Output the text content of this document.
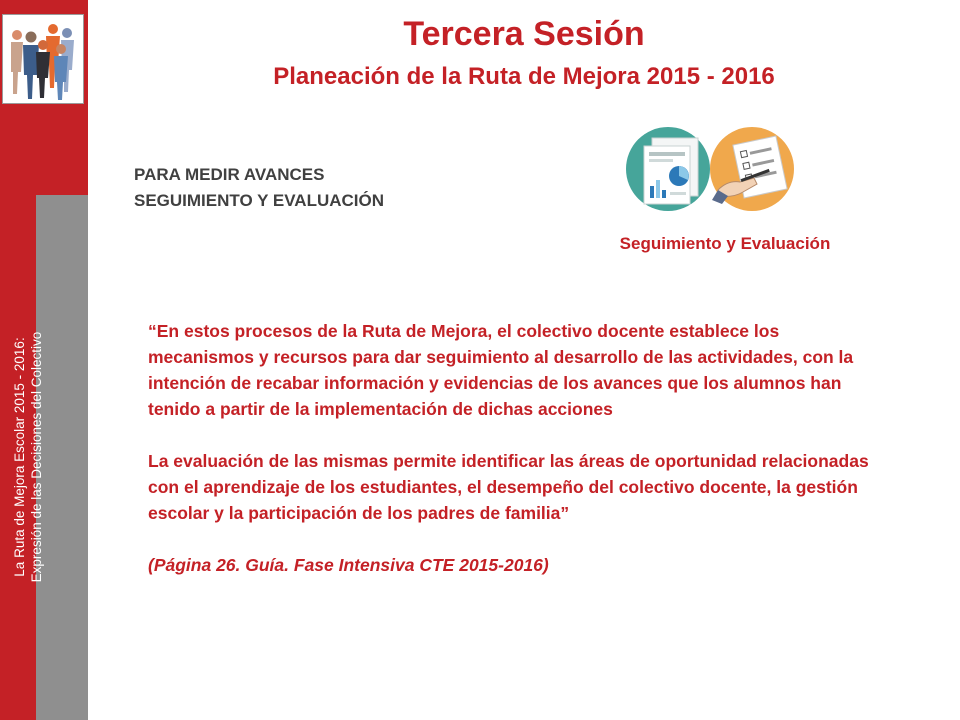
La Ruta de Mejora Escolar 2015 - 2016: Expresión de las Decisiones del Colectivo
Tercera Sesión
Planeación de la Ruta de Mejora 2015 - 2016
PARA MEDIR AVANCES
SEGUIMIENTO Y EVALUACIÓN
Seguimiento y Evaluación

“En estos procesos de la Ruta de Mejora, el colectivo docente establece los mecanismos y recursos para dar seguimiento al desarrollo de las actividades, con la intención de recabar información y evidencias de los avances que los alumnos han tenido a partir de la implementación de dichas acciones

La evaluación de las mismas permite identificar las áreas de oportunidad relacionadas con el aprendizaje de los estudiantes, el desempeño del colectivo docente, la gestión escolar y la participación de los padres de familia”

(Página 26. Guía. Fase Intensiva CTE 2015-2016)
